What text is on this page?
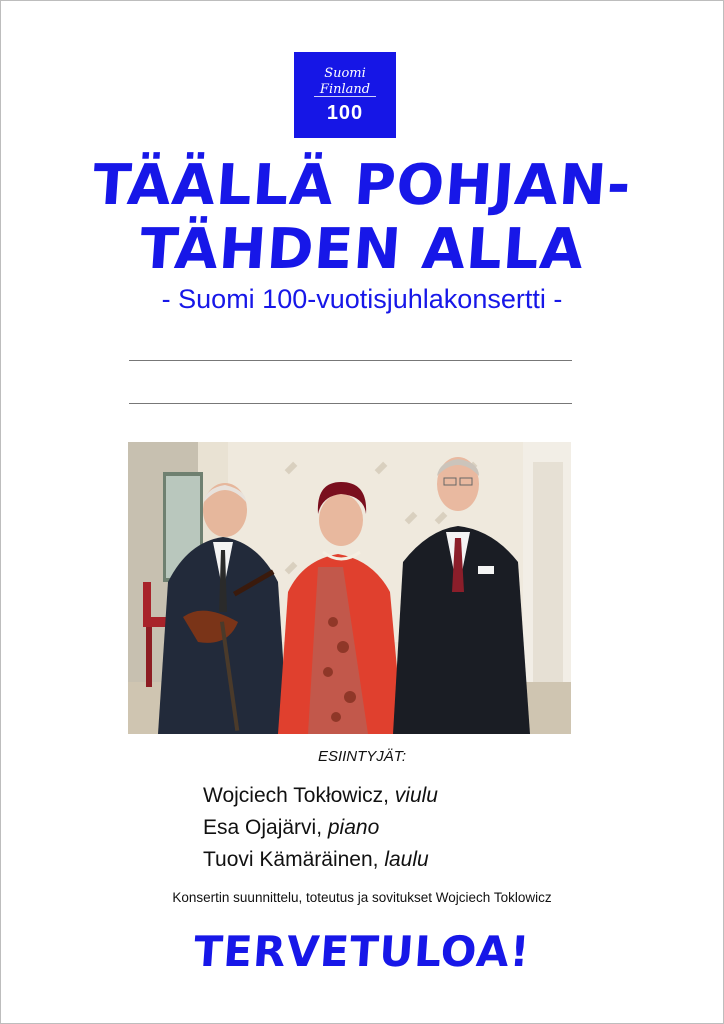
Suomi
Finland
100
TÄÄLLÄ POHJAN-
TÄHDEN ALLA
- Suomi 100-vuotisjuhlakonsertti -
ESIINTYJÄT:
Wojciech Tokłowicz, viulu
Esa Ojajärvi, piano
Tuovi Kämäräinen, laulu
Konsertin suunnittelu, toteutus ja sovitukset Wojciech Toklowicz
TERVETULOA!
